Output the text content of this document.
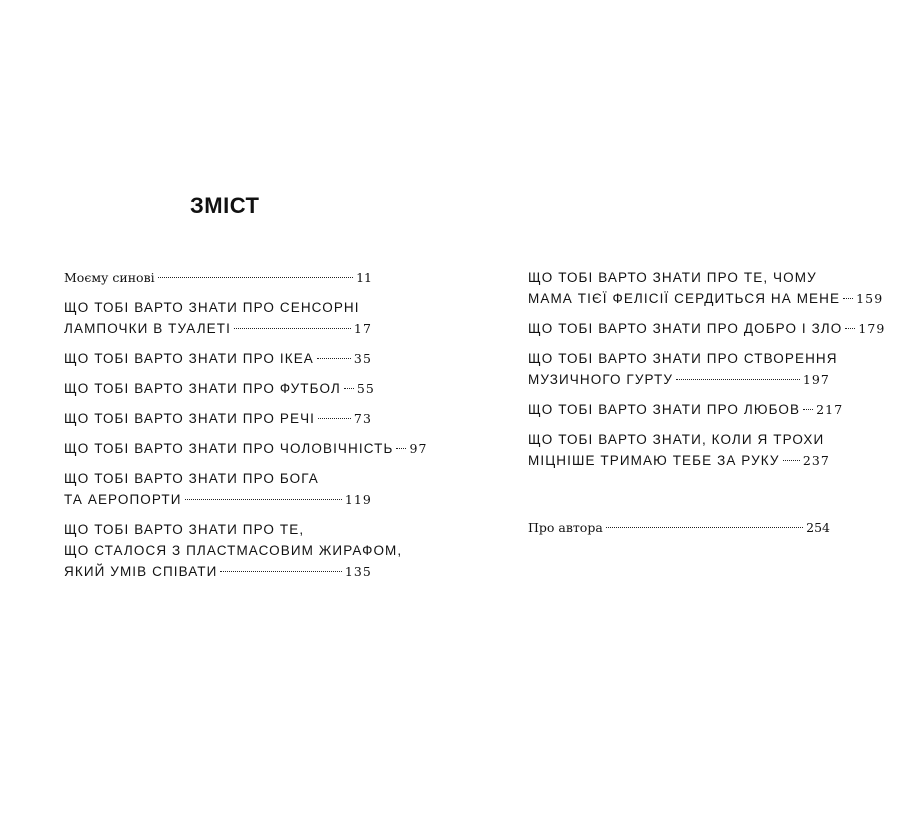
ЗМІСТ
Моєму синові	11
ЩО ТОБІ ВАРТО ЗНАТИ ПРО СЕНСОРНІ
ЛАМПОЧКИ В ТУАЛЕТІ	17
ЩО ТОБІ ВАРТО ЗНАТИ ПРО ІКЕА	35
ЩО ТОБІ ВАРТО ЗНАТИ ПРО ФУТБОЛ 55
ЩО ТОБІ ВАРТО ЗНАТИ ПРО РЕЧІ	73
ЩО ТОБІ ВАРТО ЗНАТИ ПРО ЧОЛОВІЧНІСТЬ 97
ЩО ТОБІ ВАРТО ЗНАТИ ПРО БОГА
ТА АЕРОПОРТИ	119
ЩО ТОБІ ВАРТО ЗНАТИ ПРО ТЕ,
ЩО СТАЛОСЯ З ПЛАСТМАСОВИМ ЖИРАФОМ,
ЯКИЙ УМІВ СПІВАТИ	135
ЩО ТОБІ ВАРТО ЗНАТИ ПРО ТЕ, ЧОМУ
МАМА ТІЄЇ ФЕЛІСІЇ СЕРДИТЬСЯ НА МЕНЕ 159
ЩО ТОБІ ВАРТО ЗНАТИ ПРО ДОБРО І ЗЛО 179
ЩО ТОБІ ВАРТО ЗНАТИ ПРО СТВОРЕННЯ
МУЗИЧНОГО ГУРТУ	197
ЩО ТОБІ ВАРТО ЗНАТИ ПРО ЛЮБОВ 217
ЩО ТОБІ ВАРТО ЗНАТИ, КОЛИ Я ТРОХИ
МІЦНІШЕ ТРИМАЮ ТЕБЕ ЗА РУКУ 237
Про автора	254
